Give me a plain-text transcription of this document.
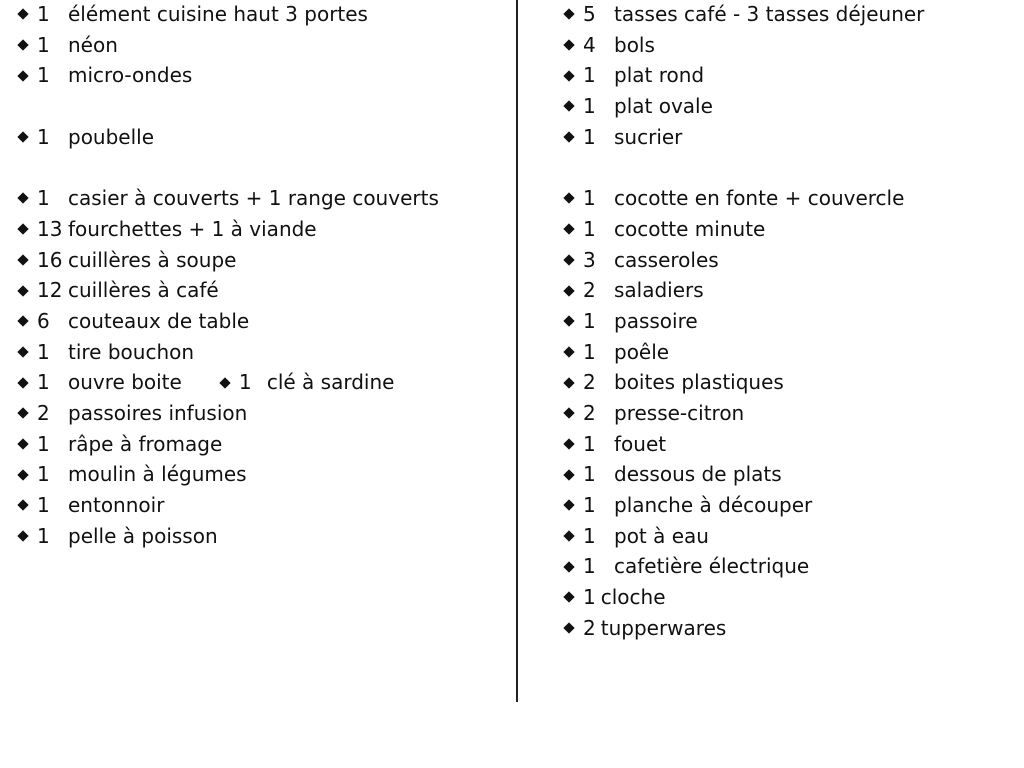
1 élément cuisine haut 3 portes
1 néon
1 micro-ondes
1 poubelle
1 casier à couverts + 1 range couverts
13 fourchettes + 1 à viande
16 cuillères à soupe
12 cuillères à café
6 couteaux de table
1 tire bouchon
1 ouvre boite	1 clé à sardine
2 passoires infusion
1 râpe à fromage
1 moulin à légumes
1 entonnoir
1 pelle à poisson
5 tasses café - 3 tasses déjeuner
4 bols
1 plat rond
1 plat ovale
1 sucrier
1 cocotte en fonte + couvercle
1 cocotte minute
3 casseroles
2 saladiers
1 passoire
1 poêle
2 boites plastiques
2 presse-citron
1 fouet
1 dessous de plats
1 planche à découper
1 pot à eau
1 cafetière électrique
1 cloche
2 tupperwares
